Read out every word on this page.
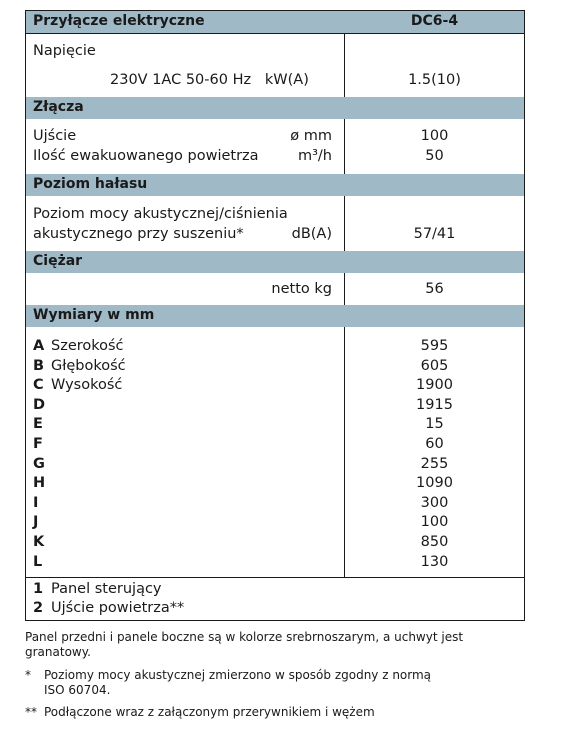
Przyłącze elektryczne	DC6-4
Napięcie
230V 1AC 50-60 Hz   kW(A)	1.5(10)
Złącza
Ujście	ø mm	100
Ilość ewakuowanego powietrza	m³/h	50
Poziom hałasu
Poziom mocy akustycznej/ciśnienia
akustycznego przy suszeniu*	dB(A)	57/41
Ciężar
netto kg	56
Wymiary w mm
A Szerokość	595
B Głębokość	605
C Wysokość	1900
D	1915
E	15
F	60
G	255
H	1090
I	300
J	100
K	850
L	130
1 Panel sterujący
2 Ujście powietrza**
Panel przedni i panele boczne są w kolorze srebrnoszarym, a uchwyt jest granatowy.
* Poziomy mocy akustycznej zmierzono w sposób zgodny z normą
ISO 60704.
** Podłączone wraz z załączonym przerywnikiem i wężem
